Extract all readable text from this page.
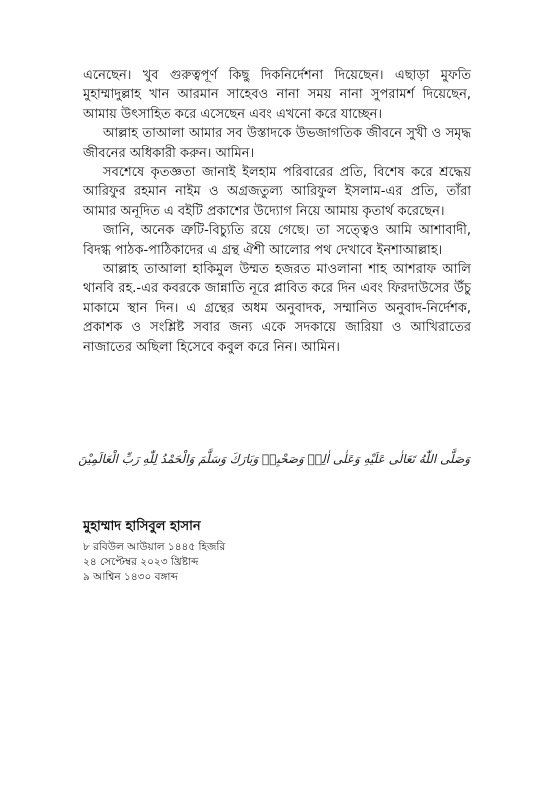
এনেছেন। খুব গুরুত্বপূর্ণ কিছু দিকনির্দেশনা দিয়েছেন। এছাড়া মুফতি মুহাম্মাদুল্লাহ খান আরমান সাহেবও নানা সময় নানা সুপরামর্শ দিয়েছেন, আমায় উৎসাহিত করে এসেছেন এবং এখনো করে যাচ্ছেন।

আল্লাহ তাআলা আমার সব উস্তাদকে উভজাগতিক জীবনে সুখী ও সমৃদ্ধ জীবনের অধিকারী করুন। আমিন।

সবশেষে কৃতজ্ঞতা জানাই ইলহাম পরিবারের প্রতি, বিশেষ করে শ্রদ্ধেয় আরিফুর রহমান নাইম ও অগ্রজতুল্য আরিফুল ইসলাম-এর প্রতি, তাঁরা আমার অনূদিত এ বইটি প্রকাশের উদ্যোগ নিয়ে আমায় কৃতার্থ করেছেন।

জানি, অনেক ত্রুটি-বিচ্যুতি রয়ে গেছে। তা সত্ত্বেও আমি আশাবাদী, বিদগ্ধ পাঠক-পাঠিকাদের এ গ্রন্থ ঐশী আলোর পথ দেখাবে ইনশাআল্লাহ।

আল্লাহ তাআলা হাকিমুল উম্মত হজরত মাওলানা শাহ আশরাফ আলি থানবি রহ.-এর কবরকে জান্নাতি নূরে প্লাবিত করে দিন এবং ফিরদাউসের উঁচু মাকামে স্থান দিন। এ গ্রন্থের অধম অনুবাদক, সম্মানিত অনুবাদ-নির্দেশক, প্রকাশক ও সংশ্লিষ্ট সবার জন্য একে সদকায়ে জারিয়া ও আখিরাতের নাজাতের অছিলা হিসেবে কবুল করে নিন। আমিন।

وَصَلَّى اللّٰهُ تَعَالٰى عَلَيْهِ وَعَلٰى اٰلِهٖ وَصَحْبِهٖ وَبَارَكَ وَسَلَّمَ وَالْحَمْدُ لِلّٰهِ رَبِّ الْعَالَمِيْنَ

মুহাম্মাদ হাসিবুল হাসান

৮ রবিউল আউয়াল ১৪৪৫ হিজরি

২৪ সেপ্টেম্বর ২০২৩ খ্রিষ্টাব্দ

৯ আশ্বিন ১৪৩০ বঙ্গাব্দ
